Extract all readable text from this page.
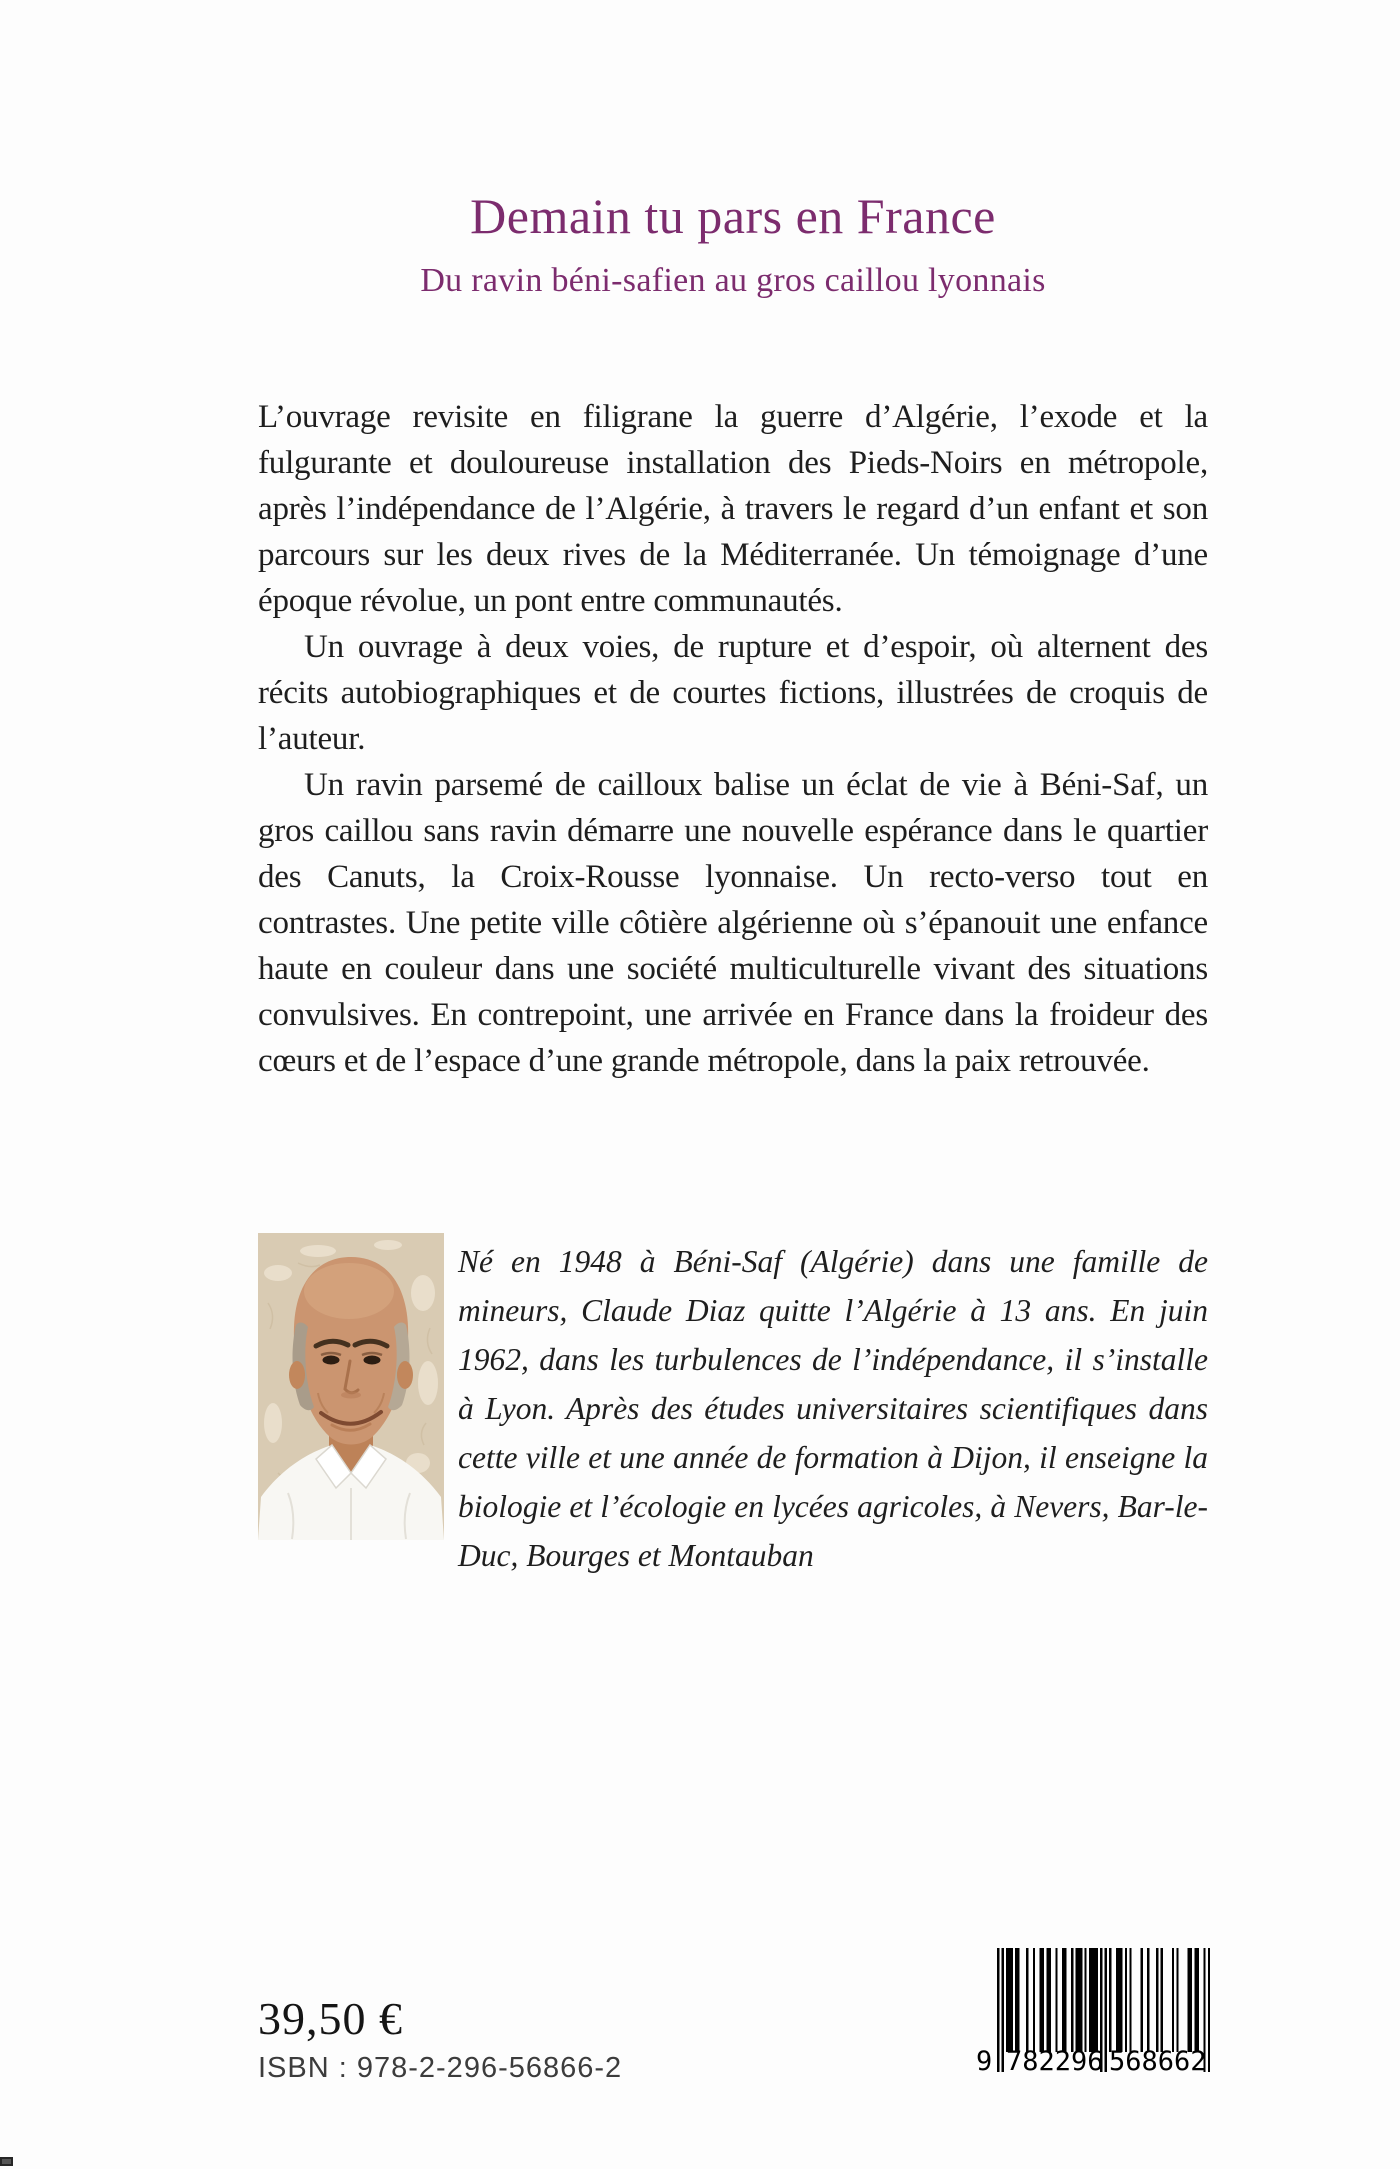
Demain tu pars en France
Du ravin béni-safien au gros caillou lyonnais

L’ouvrage revisite en filigrane la guerre d’Algérie, l’exode et la fulgurante et douloureuse installation des Pieds-Noirs en métropole, après l’indépendance de l’Algérie, à travers le regard d’un enfant et son parcours sur les deux rives de la Méditerranée. Un témoignage d’une époque révolue, un pont entre communautés.

Un ouvrage à deux voies, de rupture et d’espoir, où alternent des récits autobiographiques et de courtes fictions, illustrées de croquis de l’auteur.

Un ravin parsemé de cailloux balise un éclat de vie à Béni-Saf, un gros caillou sans ravin démarre une nouvelle espérance dans le quartier des Canuts, la Croix-Rousse lyonnaise. Un recto-verso tout en contrastes. Une petite ville côtière algérienne où s’épanouit une enfance haute en couleur dans une société multiculturelle vivant des situations convulsives. En contrepoint, une arrivée en France dans la froideur des cœurs et de l’espace d’une grande métropole, dans la paix retrouvée.

Né en 1948 à Béni-Saf (Algérie) dans une famille de mineurs, Claude Diaz quitte l’Algérie à 13 ans. En juin 1962, dans les turbulences de l’indépendance, il s’installe à Lyon. Après des études universitaires scientifiques dans cette ville et une année de formation à Dijon, il enseigne la biologie et l’écologie en lycées agricoles, à Nevers, Bar-le-Duc, Bourges et Montauban

39,50 €
ISBN : 978-2-296-56866-2	9 782296 568662
